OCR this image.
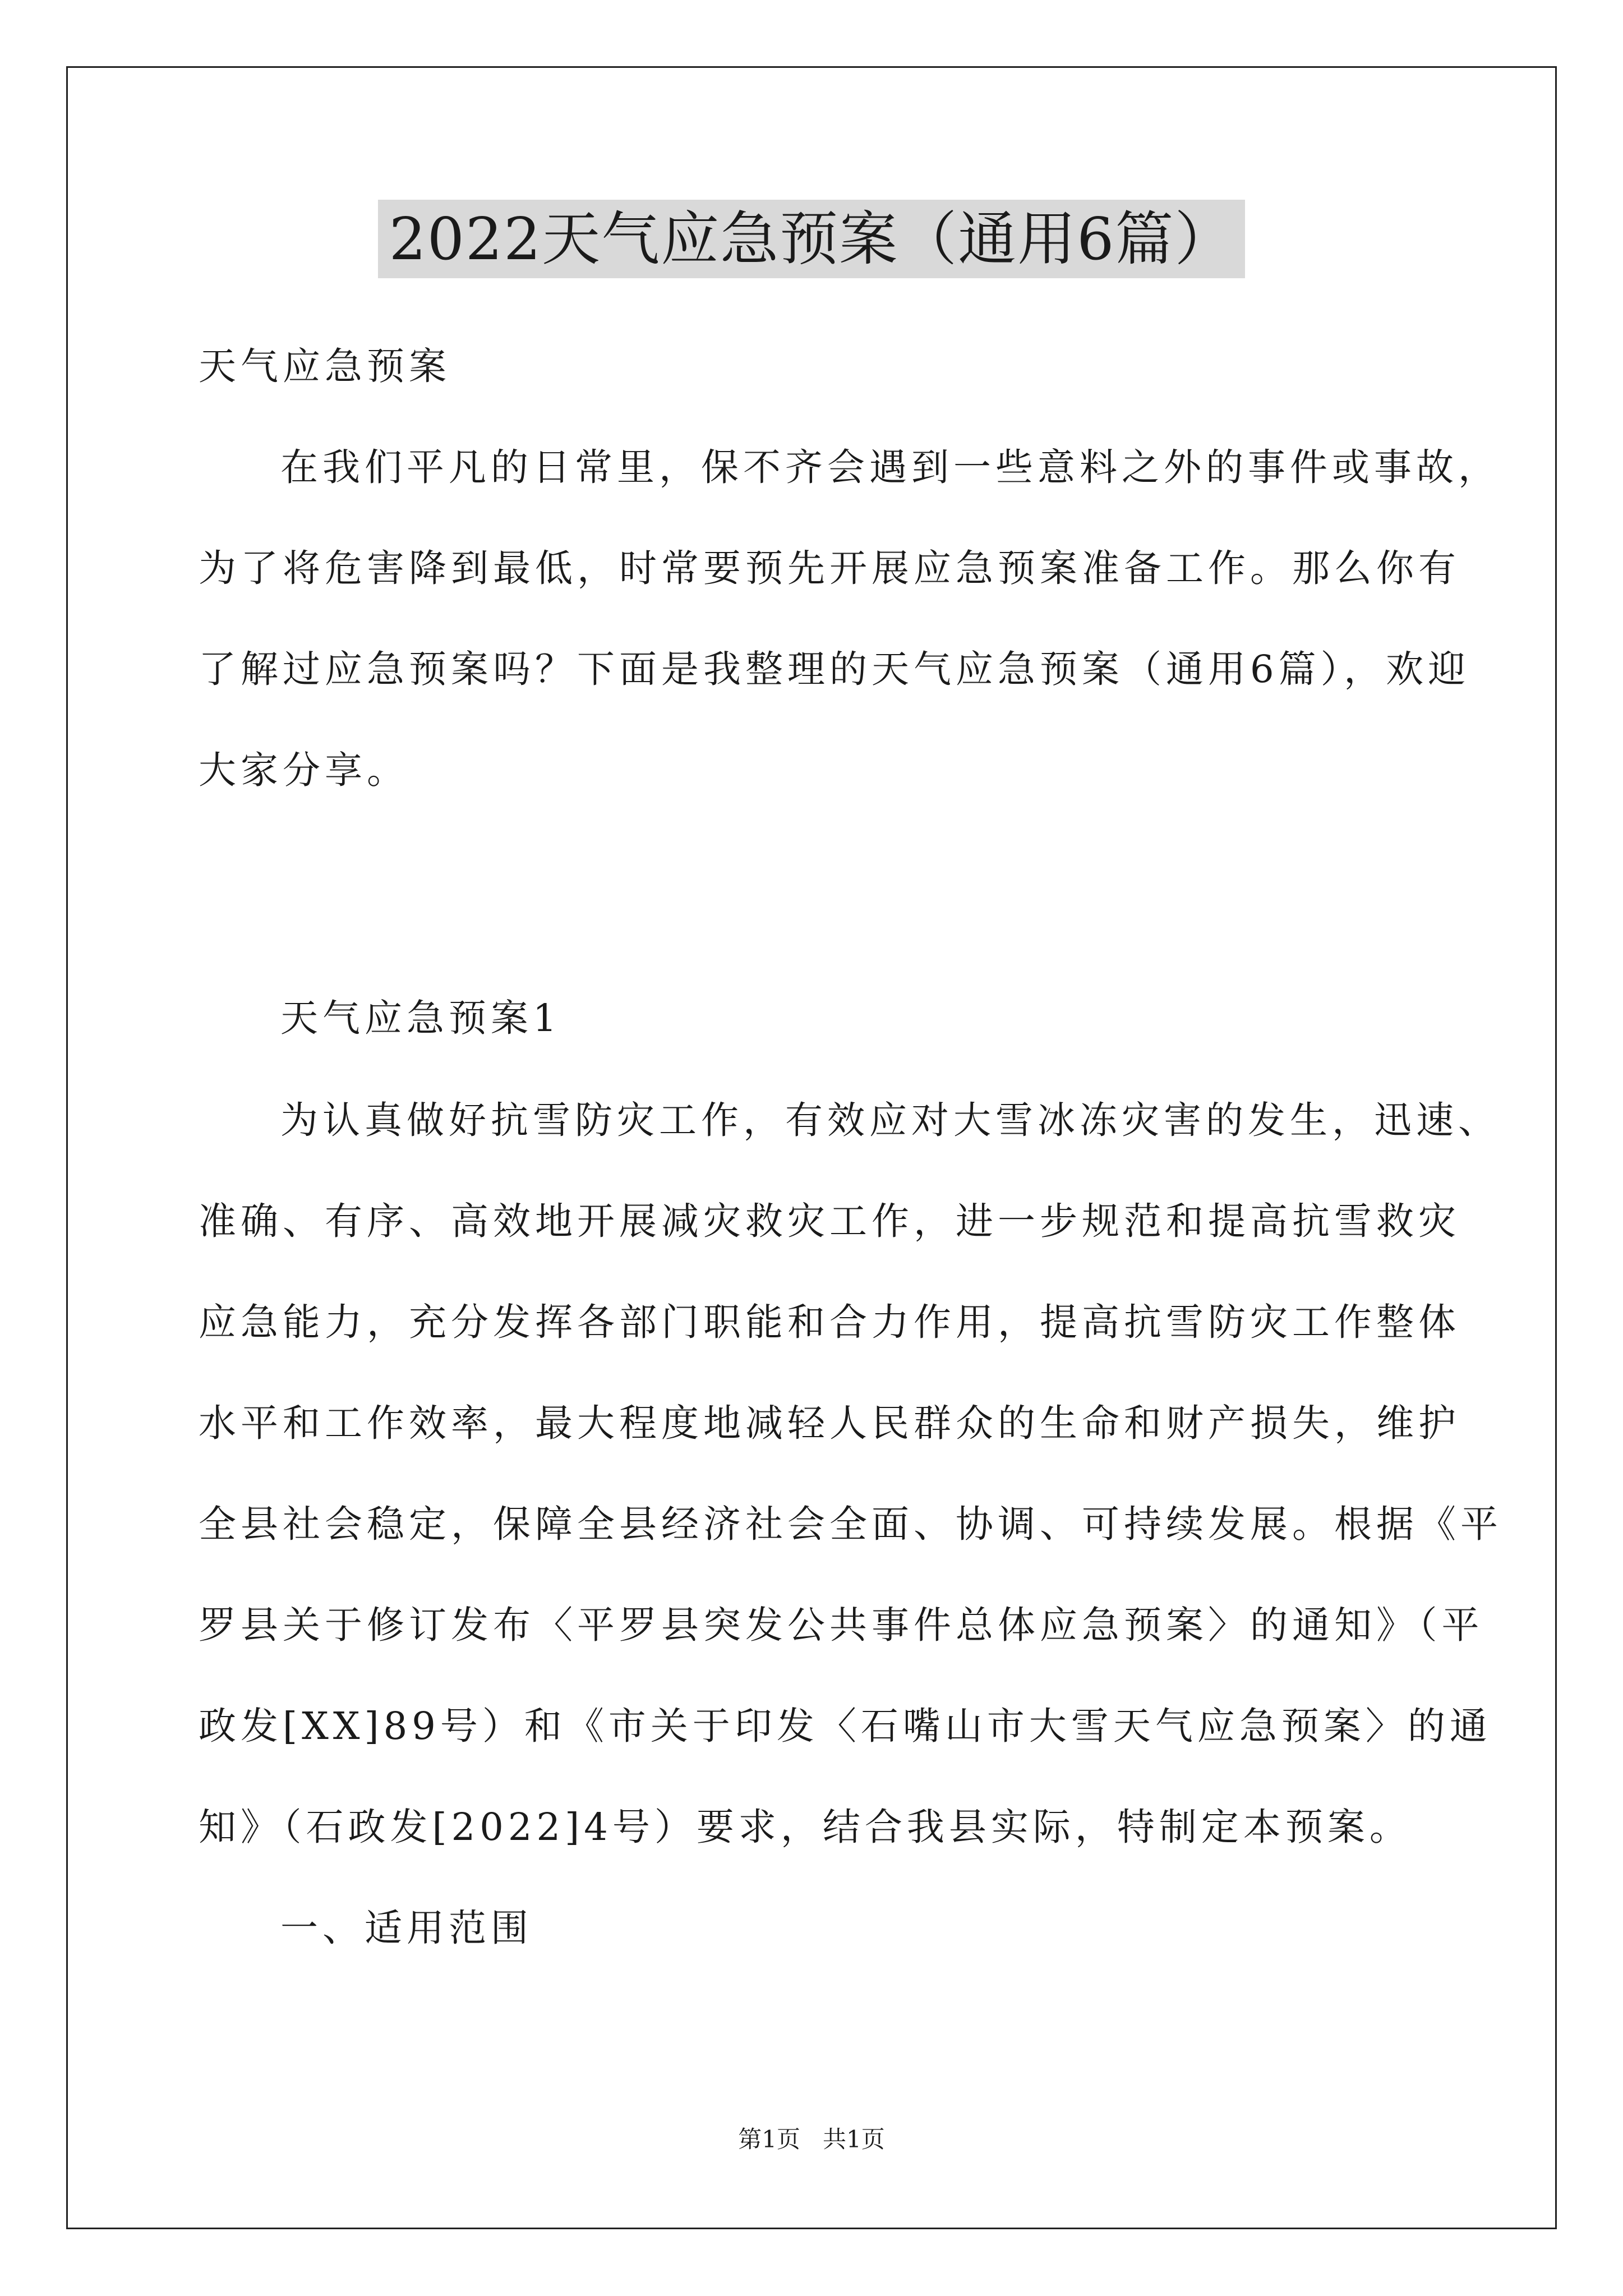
2022天气应急预案（通用6篇）
天气应急预案
在我们平凡的日常里，保不齐会遇到一些意料之外的事件或事故，
为了将危害降到最低，时常要预先开展应急预案准备工作。那么你有
了解过应急预案吗？下面是我整理的天气应急预案（通用6篇），欢迎
大家分享。
天气应急预案1
为认真做好抗雪防灾工作，有效应对大雪冰冻灾害的发生，迅速、
准确、有序、高效地开展减灾救灾工作，进一步规范和提高抗雪救灾
应急能力，充分发挥各部门职能和合力作用，提高抗雪防灾工作整体
水平和工作效率，最大程度地减轻人民群众的生命和财产损失，维护
全县社会稳定，保障全县经济社会全面、协调、可持续发展。根据《平
罗县关于修订发布〈平罗县突发公共事件总体应急预案〉的通知》（平
政发[XX]89号）和《市关于印发〈石嘴山市大雪天气应急预案〉的通
知》（石政发[2022]4号）要求，结合我县实际，特制定本预案。
一、适用范围
第1页   共1页
